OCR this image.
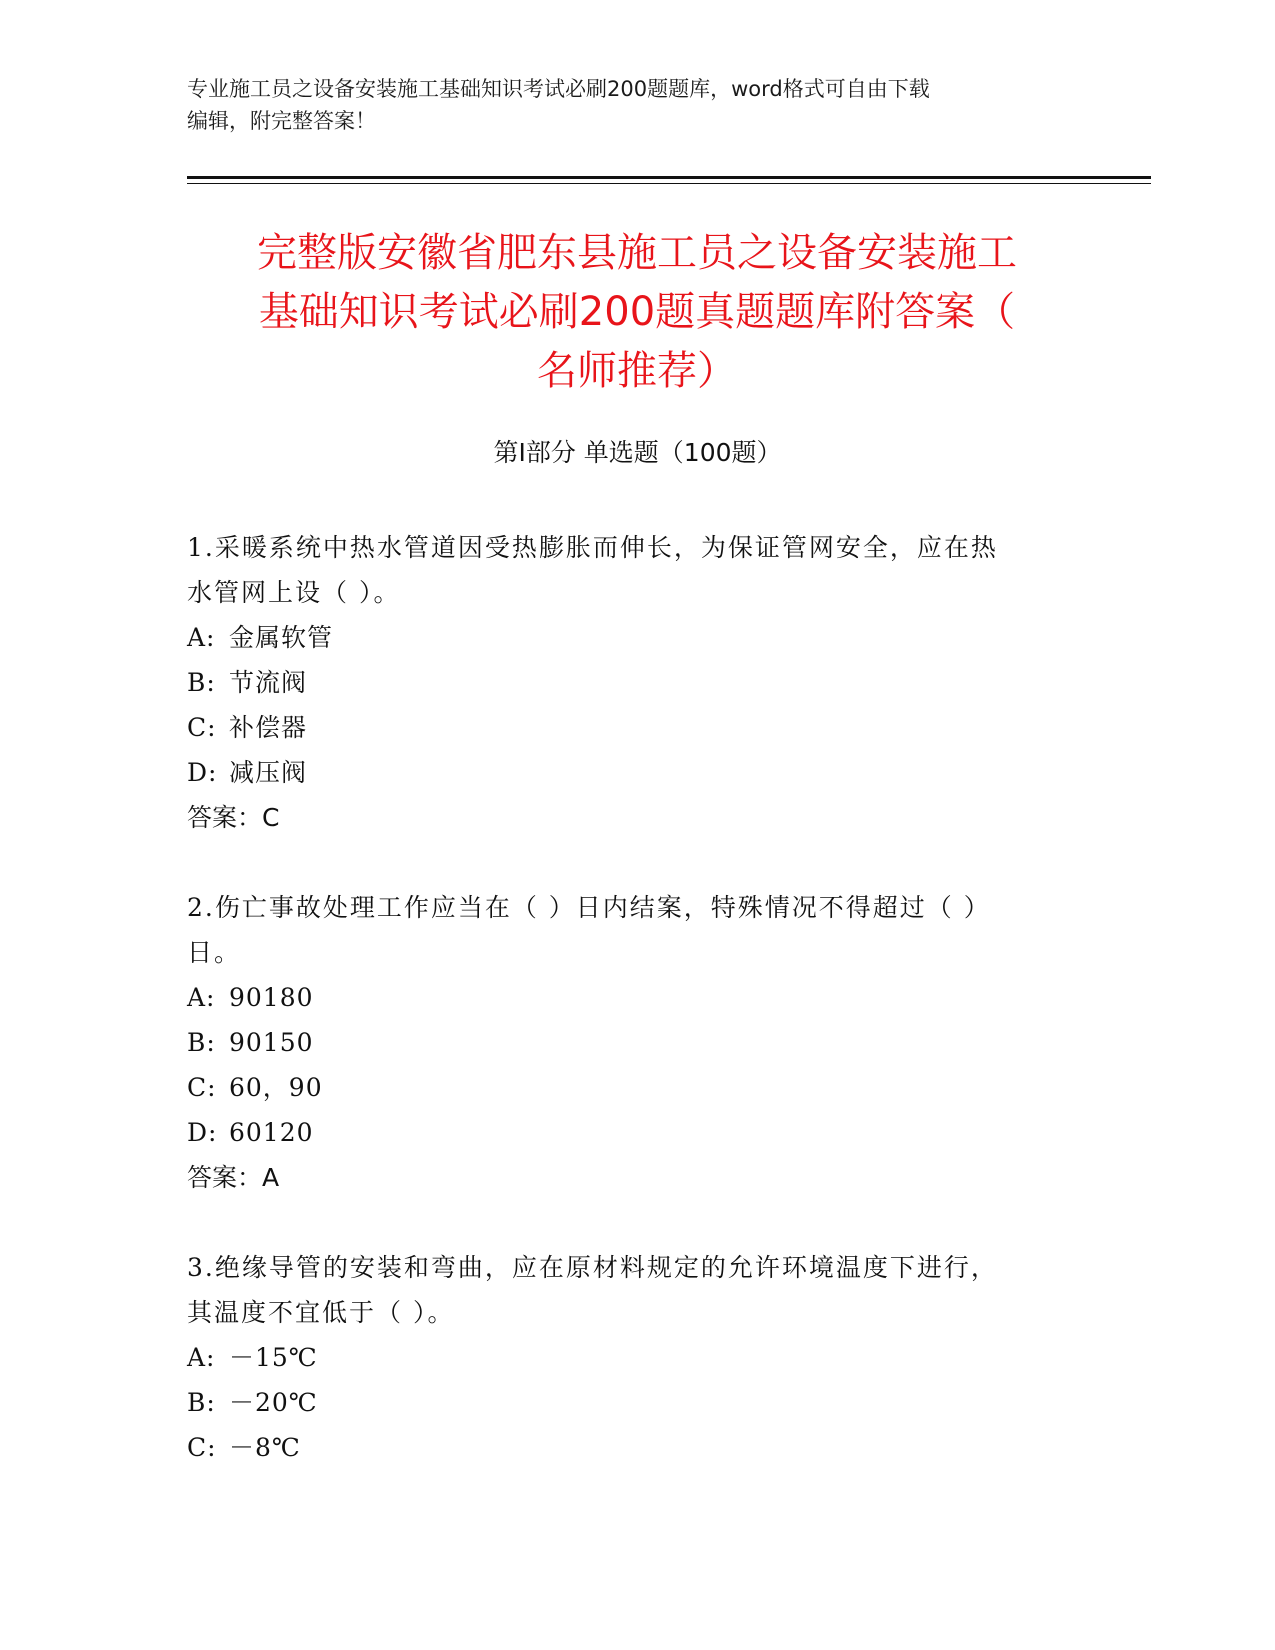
专业施工员之设备安装施工基础知识考试必刷200题题库，word格式可自由下载
编辑，附完整答案！
完整版安徽省肥东县施工员之设备安装施工
基础知识考试必刷200题真题题库附答案（
名师推荐）
第Ⅰ部分 单选题（100题）

1.采暖系统中热水管道因受热膨胀而伸长，为保证管网安全，应在热

水管网上设（ ）。

A: 金属软管

B: 节流阀

C: 补偿器

D: 减压阀

答案：C

2.伤亡事故处理工作应当在（ ）日内结案，特殊情况不得超过（ ）

日。

A: 90180

B: 90150

C: 60，90

D: 60120

答案：A

3.绝缘导管的安装和弯曲，应在原材料规定的允许环境温度下进行，

其温度不宜低于（ ）。

A: －15℃

B: －20℃

C: －8℃
